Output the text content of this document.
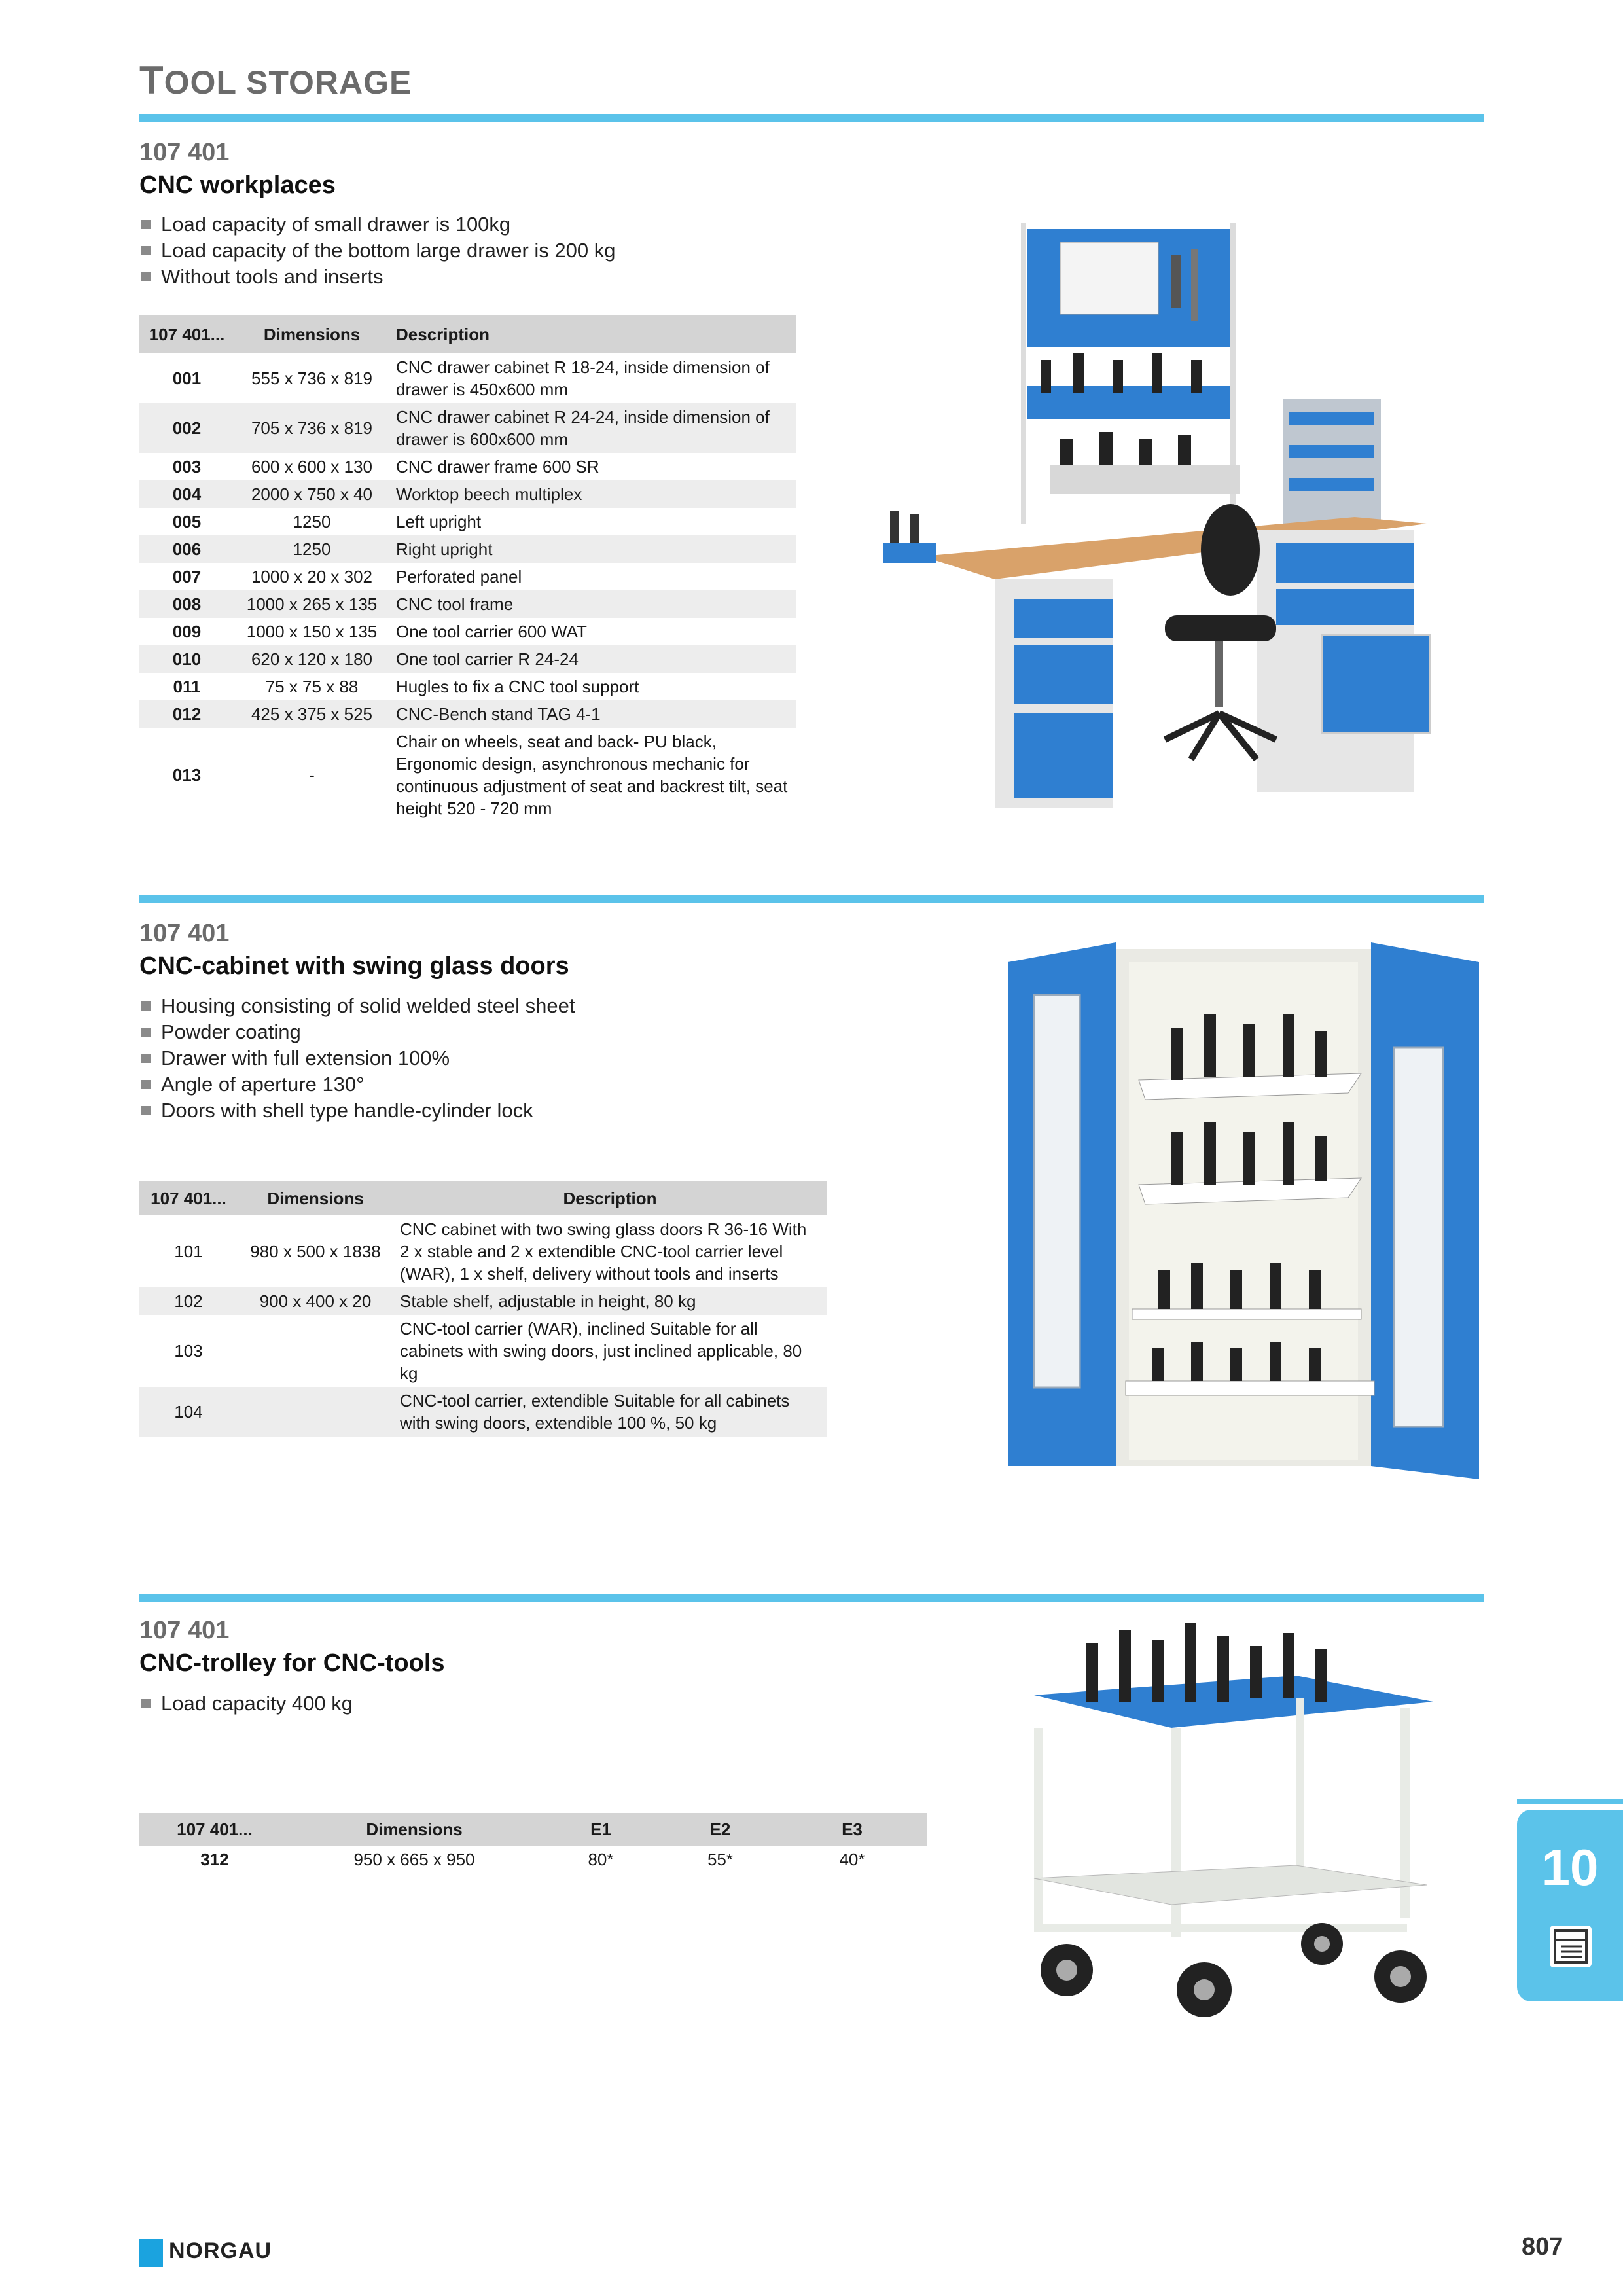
TOOL STORAGE
107 401
CNC workplaces
Load capacity of small drawer is 100kg
Load capacity of the bottom large drawer is 200 kg
Without tools and inserts
107 401...	Dimensions	Description
001	555 x 736 x 819	CNC drawer cabinet R 18-24, inside dimension of drawer is 450x600 mm
002	705 x 736 x 819	CNC drawer cabinet R 24-24, inside dimension of drawer is 600x600 mm
003	600 x 600 x 130	CNC drawer frame 600 SR
004	2000 x 750 x 40	Worktop beech multiplex
005	1250	Left upright
006	1250	Right upright
007	1000 x 20 x 302	Perforated panel
008	1000 x 265 x 135	CNC tool frame
009	1000 x 150 x 135	One tool carrier 600 WAT
010	620 x 120 x 180	One tool carrier R 24-24
011	75 x 75 x 88	Hugles to fix a CNC tool support
012	425 x 375 x 525	CNC-Bench stand TAG 4-1
013	-	Chair on wheels, seat and back- PU black, Ergonomic design, asynchronous mechanic for continuous adjustment of seat and backrest tilt, seat height 520 - 720 mm
107 401
CNC-cabinet with swing glass doors
Housing consisting of solid welded steel sheet
Powder coating
Drawer with full extension 100%
Angle of aperture 130°
Doors with shell type handle-cylinder lock
107 401...	Dimensions	Description
101	980 x 500 x 1838	CNC cabinet with two swing glass doors R 36-16 With 2 x stable and 2 x extendible CNC-tool carrier level (WAR), 1 x shelf, delivery without tools and inserts
102	900 x 400 x 20	Stable shelf, adjustable in height, 80 kg
103		CNC-tool carrier (WAR), inclined Suitable for all cabinets with swing doors, just inclined applicable, 80 kg
104		CNC-tool carrier, extendible Suitable for all cabinets with swing doors, extendible 100 %, 50 kg
107 401
CNC-trolley for CNC-tools
Load capacity 400 kg
107 401...	Dimensions	E1	E2	E3
312	950 x 665 x 950	80*	55*	40*	10
NORGAU	807
